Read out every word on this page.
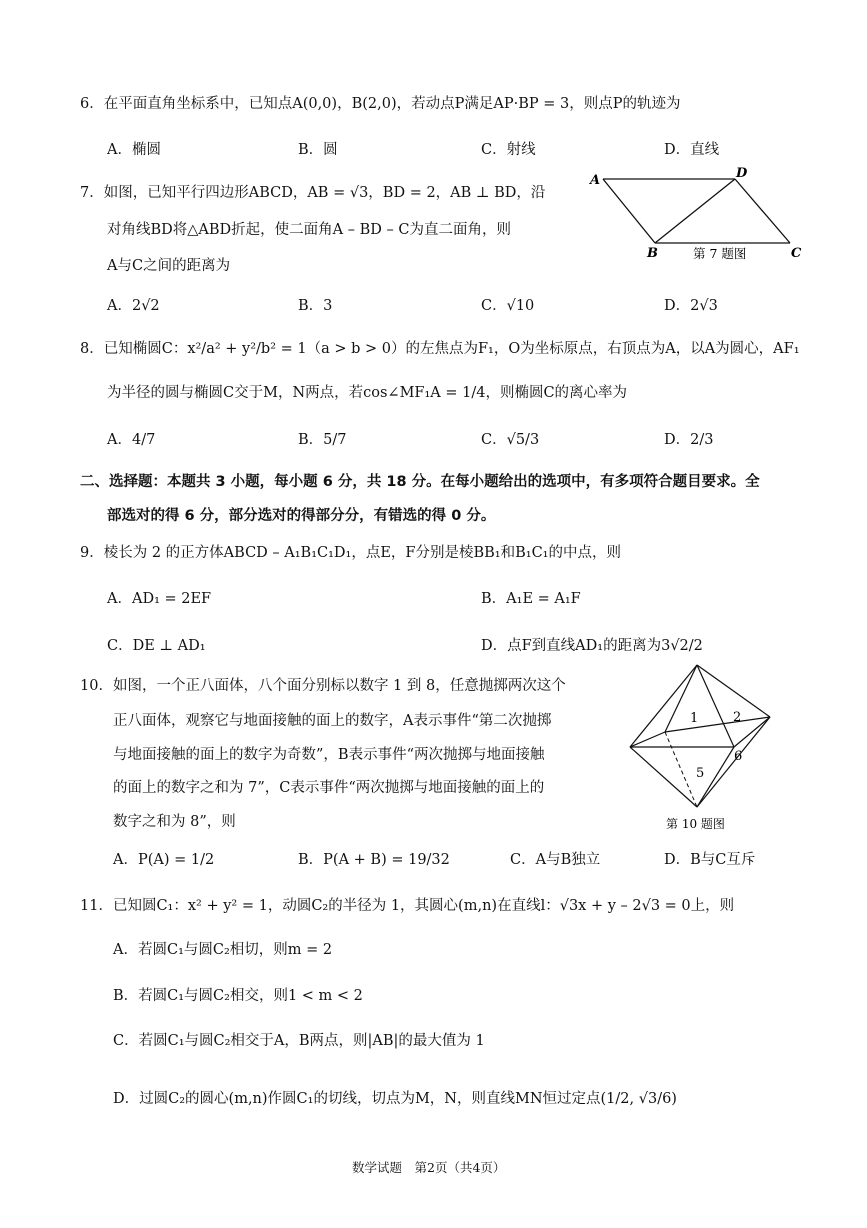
6．在平面直角坐标系中，已知点A(0,0)，B(2,0)，若动点P满足AP·BP = 3，则点P的轨迹为
A．椭圆	B．圆	C．射线	D．直线
7．如图，已知平行四边形ABCD，AB = √3，BD = 2，AB ⊥ BD，沿
对角线BD将△ABD折起，使二面角A – BD – C为直二面角，则
A与C之间的距离为
A．2√2	B．3	C．√10	D．2√3
A	D
B	C
第 7 题图
8．已知椭圆C：x²/a² + y²/b² = 1（a > b > 0）的左焦点为F₁，O为坐标原点，右顶点为A，以A为圆心，AF₁
为半径的圆与椭圆C交于M，N两点，若cos∠MF₁A = 1/4，则椭圆C的离心率为
A．4/7	B．5/7	C．√5/3	D．2/3
二、选择题：本题共 3 小题，每小题 6 分，共 18 分。在每小题给出的选项中，有多项符合题目要求。全
部选对的得 6 分，部分选对的得部分分，有错选的得 0 分。
9．棱长为 2 的正方体ABCD – A₁B₁C₁D₁，点E，F分别是棱BB₁和B₁C₁的中点，则
A．AD₁ = 2EF	B．A₁E = A₁F
C．DE ⊥ AD₁	D．点F到直线AD₁的距离为3√2/2
10．如图，一个正八面体，八个面分别标以数字 1 到 8，任意抛掷两次这个
正八面体，观察它与地面接触的面上的数字，A表示事件“第二次抛掷
与地面接触的面上的数字为奇数”，B表示事件“两次抛掷与地面接触
的面上的数字之和为 7”，C表示事件“两次抛掷与地面接触的面上的
数字之和为 8”，则
A．P(A) = 1/2	B．P(A + B) = 19/32	C．A与B独立	D．B与C互斥
1	2
5
6
第 10 题图
11．已知圆C₁：x² + y² = 1，动圆C₂的半径为 1，其圆心(m,n)在直线l：√3x + y – 2√3 = 0上，则
A．若圆C₁与圆C₂相切，则m = 2
B．若圆C₁与圆C₂相交，则1 < m < 2
C．若圆C₁与圆C₂相交于A，B两点，则|AB|的最大值为 1
D．过圆C₂的圆心(m,n)作圆C₁的切线，切点为M，N，则直线MN恒过定点(1/2, √3/6)
数学试题　第2页（共4页）
